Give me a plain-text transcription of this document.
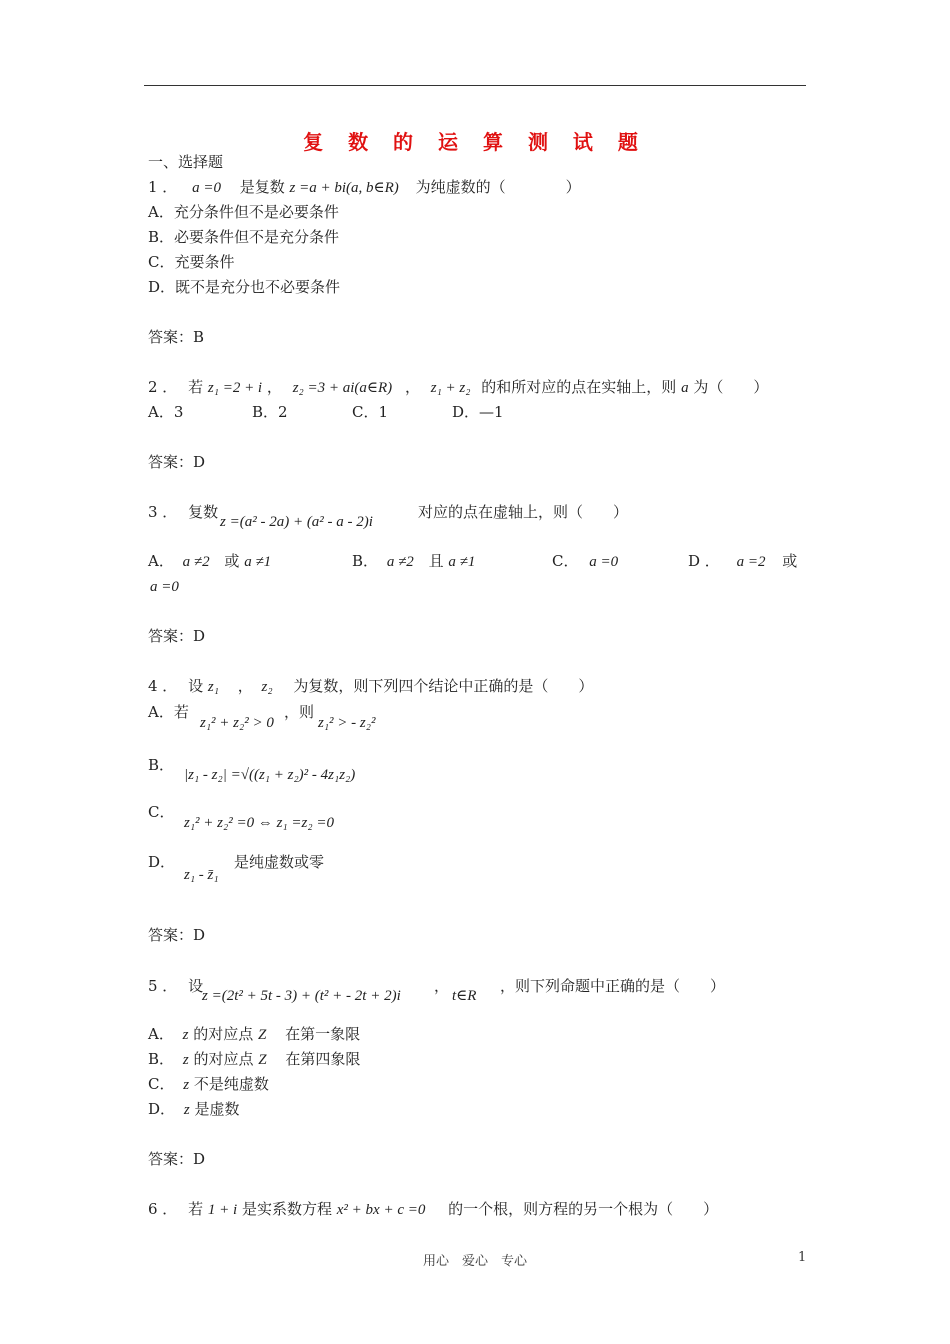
复 数 的 运 算 测 试 题
一、选择题
1 ． a =0 是复数 z =a + bi(a, b∈R) 为纯虚数的（　　　　）
A．充分条件但不是必要条件
B．必要条件但不是充分条件
C．充要条件
D．既不是充分也不必要条件
答案：B
2 ． 若 z₁ =2 + i ， z₂ =3 + ai(a∈R) ， z₁ + z₂ 的和所对应的点在实轴上，则 a 为（　　）
A．3	B．2	C．1	D．—1
答案：D
3 ． 复数
z =(a² - 2a) + (a² - a - 2)i
对应的点在虚轴上，则（　　）
A． a ≠2 或 a ≠1	B． a ≠2 且 a ≠1	C． a =0	D ． a =2 或
a =0
答案：D
4 ． 设 z₁ ， z₂ 为复数，则下列四个结论中正确的是（　　）
A．若
z₁² + z₂² > 0
，则
z₁² > - z₂²
B．
|z₁ - z₂| =√((z₁ + z₂)² - 4z₁z₂)
C．
z₁² + z₂² =0 ⇔ z₁ =z₂ =0
D．
z₁ - z̄₁
是纯虚数或零
答案：D
5 ． 设
z =(2t² + 5t - 3) + (t² + - 2t + 2)i
，
t∈R
，则下列命题中正确的是（　　）
A． z 的对应点 Z 在第一象限
B． z 的对应点 Z 在第四象限
C． z 不是纯虚数
D． z 是虚数
答案：D
6 ． 若 1 + i 是实系数方程 x² + bx + c =0 的一个根，则方程的另一个根为（　　）
用心　爱心　专心	1
